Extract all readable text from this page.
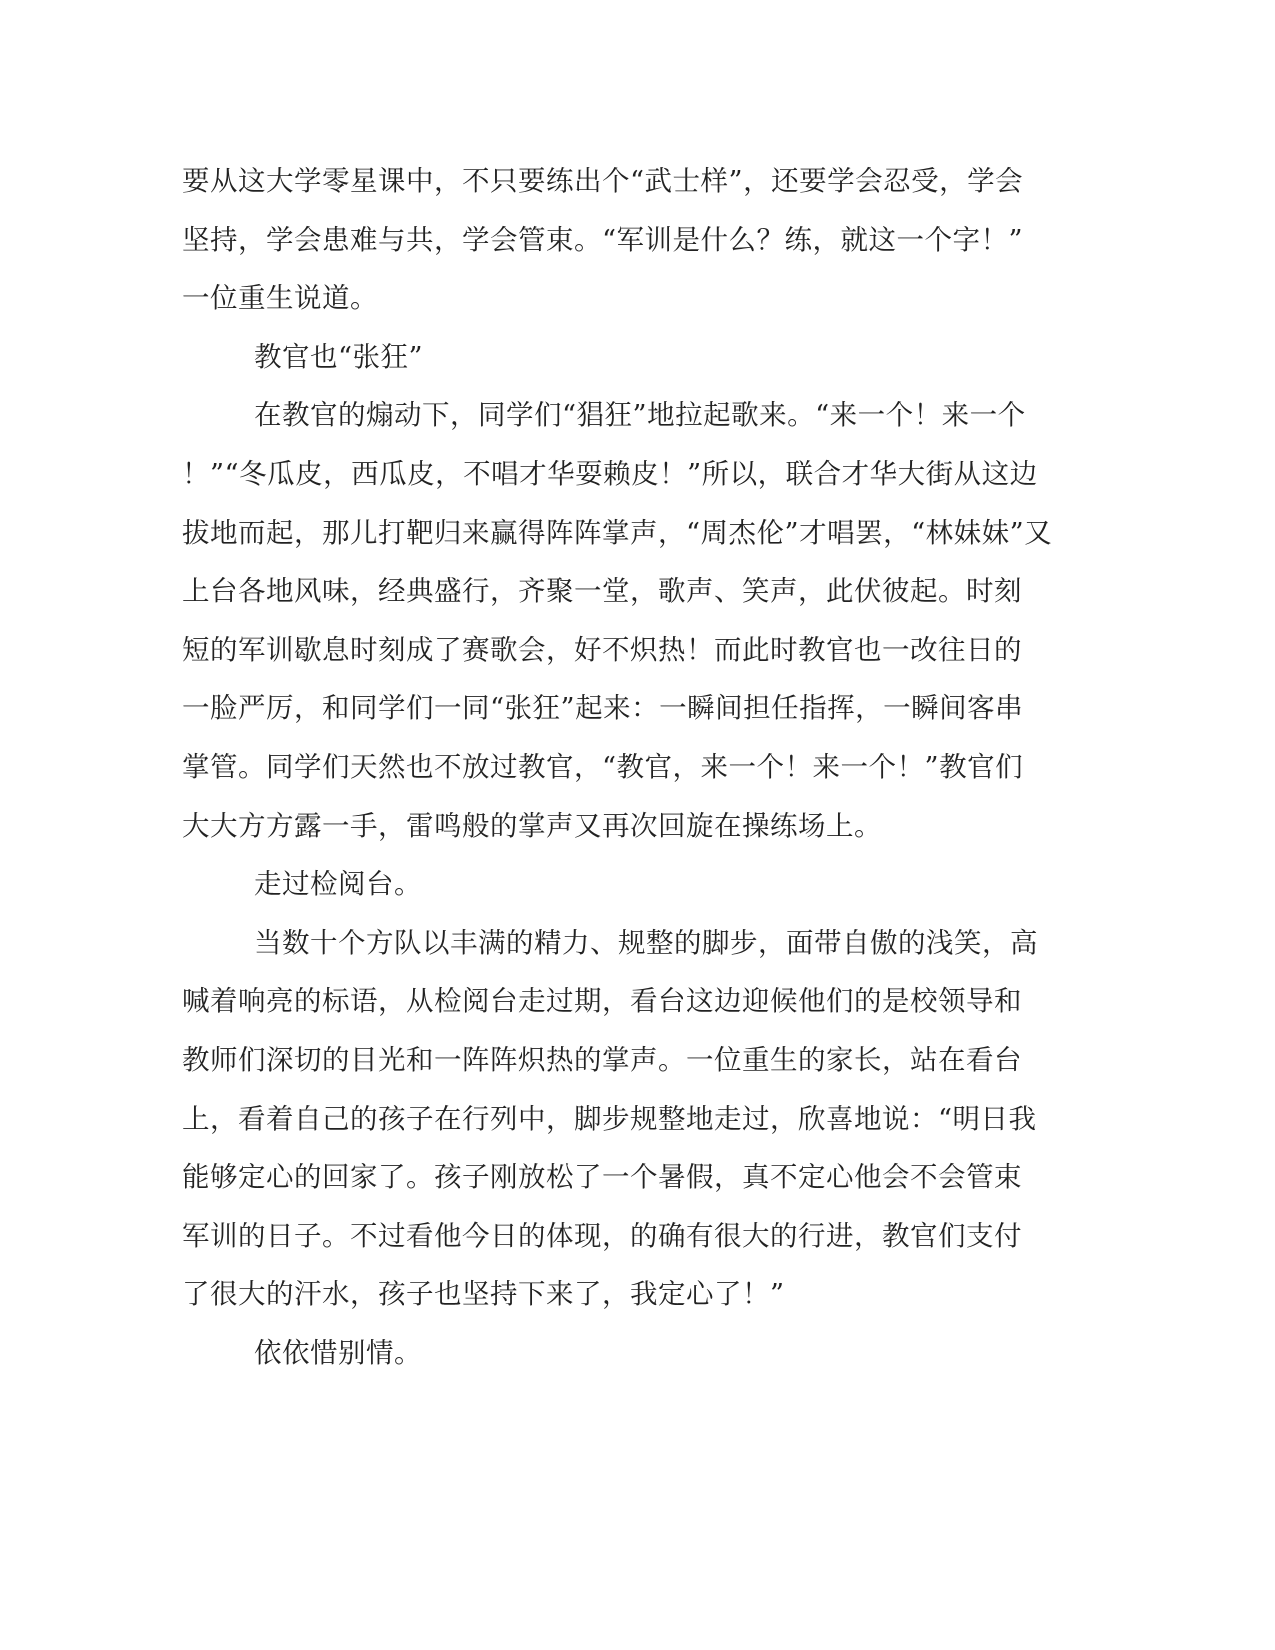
要从这大学零星课中，不只要练出个“武士样”，还要学会忍受，学会
坚持，学会患难与共，学会管束。“军训是什么？练，就这一个字！”
一位重生说道。
教官也“张狂”
在教官的煽动下，同学们“猖狂”地拉起歌来。“来一个！来一个
！”“冬瓜皮，西瓜皮，不唱才华耍赖皮！”所以，联合才华大街从这边
拔地而起，那儿打靶归来赢得阵阵掌声，“周杰伦”才唱罢，“林妹妹”又
上台各地风味，经典盛行，齐聚一堂，歌声、笑声，此伏彼起。时刻
短的军训歇息时刻成了赛歌会，好不炽热！而此时教官也一改往日的
一脸严厉，和同学们一同“张狂”起来：一瞬间担任指挥，一瞬间客串
掌管。同学们天然也不放过教官，“教官，来一个！来一个！”教官们
大大方方露一手，雷鸣般的掌声又再次回旋在操练场上。
走过检阅台。
当数十个方队以丰满的精力、规整的脚步，面带自傲的浅笑，高
喊着响亮的标语，从检阅台走过期，看台这边迎候他们的是校领导和
教师们深切的目光和一阵阵炽热的掌声。一位重生的家长，站在看台
上，看着自己的孩子在行列中，脚步规整地走过，欣喜地说：“明日我
能够定心的回家了。孩子刚放松了一个暑假，真不定心他会不会管束
军训的日子。不过看他今日的体现，的确有很大的行进，教官们支付
了很大的汗水，孩子也坚持下来了，我定心了！”
依依惜别情。
